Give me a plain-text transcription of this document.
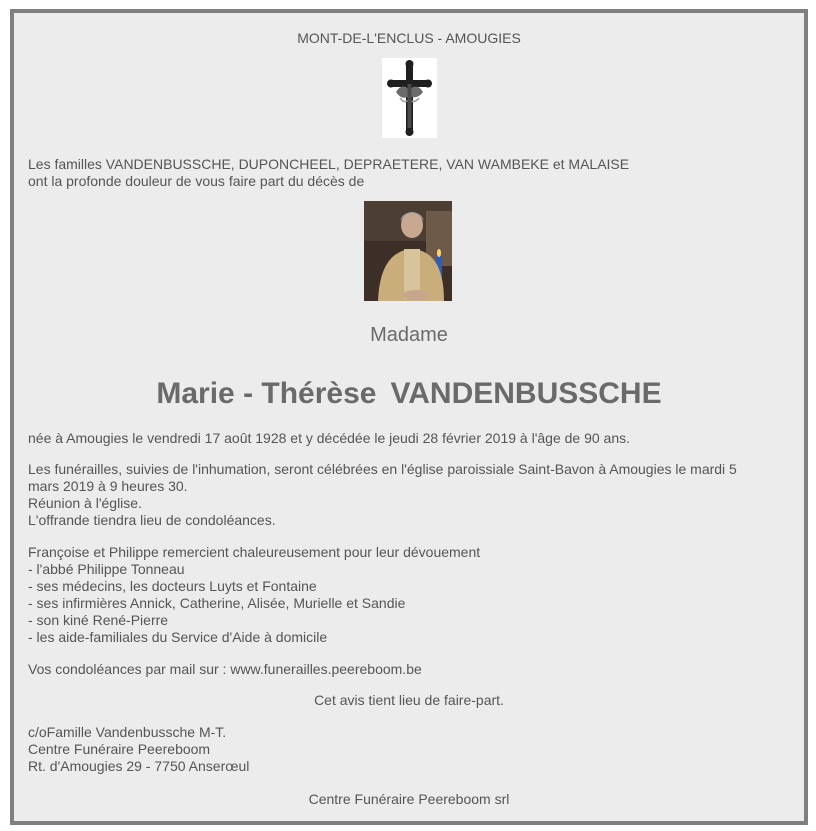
MONT-DE-L'ENCLUS - AMOUGIES
Les familles VANDENBUSSCHE, DUPONCHEEL, DEPRAETERE, VAN WAMBEKE et MALAISE
ont la profonde douleur de vous faire part du décès de
Madame
Marie - Thérèse VANDENBUSSCHE
née à Amougies le vendredi 17 août 1928 et y décédée le jeudi 28 février 2019 à l'âge de 90 ans.
Les funérailles, suivies de l'inhumation, seront célébrées en l'église paroissiale Saint-Bavon à Amougies le mardi 5
mars 2019 à 9 heures 30.
Réunion à l'église.
L'offrande tiendra lieu de condoléances.
Françoise et Philippe remercient chaleureusement pour leur dévouement
- l'abbé Philippe Tonneau
- ses médecins, les docteurs Luyts et Fontaine
- ses infirmières Annick, Catherine, Alisée, Murielle et Sandie
- son kiné René-Pierre
- les aide-familiales du Service d'Aide à domicile
Vos condoléances par mail sur : www.funerailles.peereboom.be
Cet avis tient lieu de faire-part.
c/oFamille Vandenbussche M-T.
Centre Funéraire Peereboom
Rt. d'Amougies 29 - 7750 Anserœul
Centre Funéraire Peereboom srl
